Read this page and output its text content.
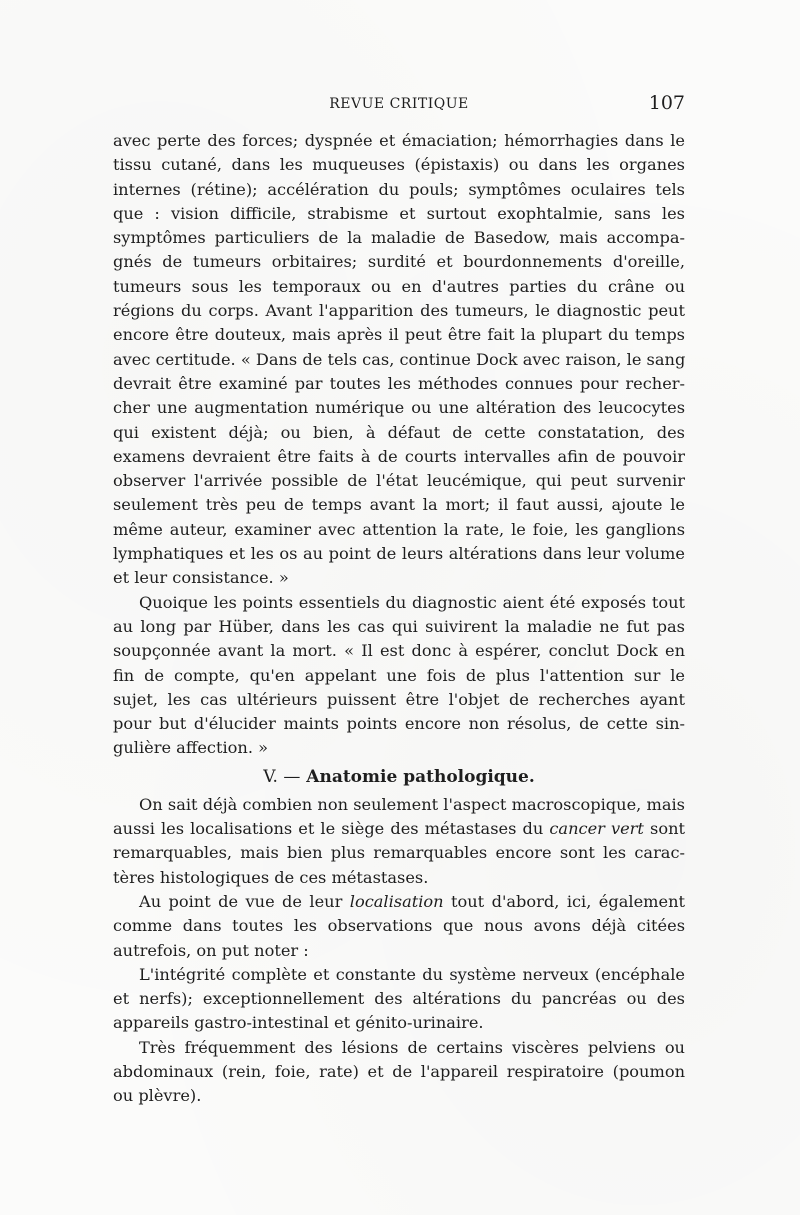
REVUE CRITIQUE	107
avec perte des forces; dyspnée et émaciation; hémorrhagies dans le
tissu cutané, dans les muqueuses (épistaxis) ou dans les organes
internes (rétine); accélération du pouls; symptômes oculaires tels
que : vision difficile, strabisme et surtout exophtalmie, sans les
symptômes particuliers de la maladie de Basedow, mais accompa-
gnés de tumeurs orbitaires; surdité et bourdonnements d'oreille,
tumeurs sous les temporaux ou en d'autres parties du crâne ou
régions du corps. Avant l'apparition des tumeurs, le diagnostic peut
encore être douteux, mais après il peut être fait la plupart du temps
avec certitude. « Dans de tels cas, continue Dock avec raison, le sang
devrait être examiné par toutes les méthodes connues pour recher-
cher une augmentation numérique ou une altération des leucocytes
qui existent déjà; ou bien, à défaut de cette constatation, des
examens devraient être faits à de courts intervalles afin de pouvoir
observer l'arrivée possible de l'état leucémique, qui peut survenir
seulement très peu de temps avant la mort; il faut aussi, ajoute le
même auteur, examiner avec attention la rate, le foie, les ganglions
lymphatiques et les os au point de leurs altérations dans leur volume
et leur consistance. »
Quoique les points essentiels du diagnostic aient été exposés tout
au long par Hüber, dans les cas qui suivirent la maladie ne fut pas
soupçonnée avant la mort. « Il est donc à espérer, conclut Dock en
fin de compte, qu'en appelant une fois de plus l'attention sur le
sujet, les cas ultérieurs puissent être l'objet de recherches ayant
pour but d'élucider maints points encore non résolus, de cette sin-
gulière affection. »
V. — Anatomie pathologique.
On sait déjà combien non seulement l'aspect macroscopique, mais
aussi les localisations et le siège des métastases du cancer vert sont
remarquables, mais bien plus remarquables encore sont les carac-
tères histologiques de ces métastases.
Au point de vue de leur localisation tout d'abord, ici, également
comme dans toutes les observations que nous avons déjà citées
autrefois, on put noter :
L'intégrité complète et constante du système nerveux (encéphale
et nerfs); exceptionnellement des altérations du pancréas ou des
appareils gastro-intestinal et génito-urinaire.
Très fréquemment des lésions de certains viscères pelviens ou
abdominaux (rein, foie, rate) et de l'appareil respiratoire (poumon
ou plèvre).
